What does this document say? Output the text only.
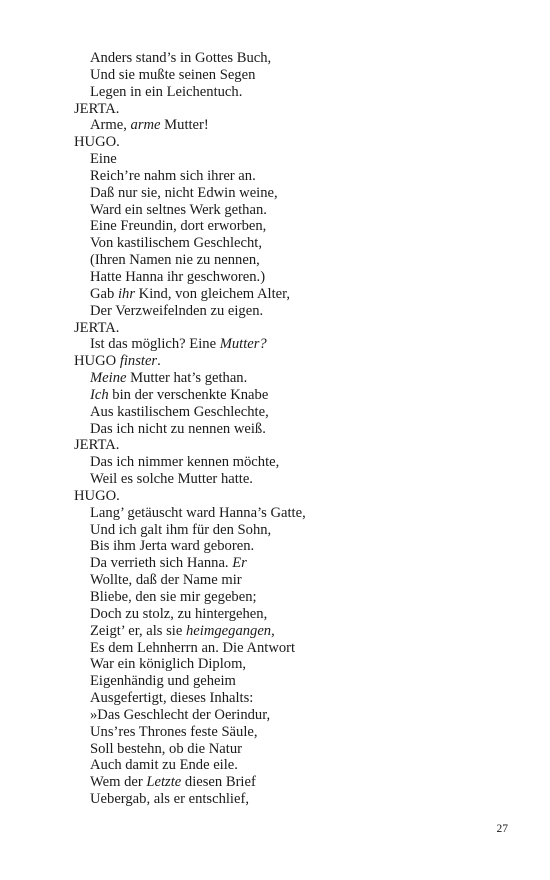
Anders stand’s in Gottes Buch,
Und sie mußte seinen Segen
Legen in ein Leichentuch.
JERTA.
Arme, arme Mutter!
HUGO.
Eine
Reich’re nahm sich ihrer an.
Daß nur sie, nicht Edwin weine,
Ward ein seltnes Werk gethan.
Eine Freundin, dort erworben,
Von kastilischem Geschlecht,
(Ihren Namen nie zu nennen,
Hatte Hanna ihr geschworen.)
Gab ihr Kind, von gleichem Alter,
Der Verzweifelnden zu eigen.
JERTA.
Ist das möglich? Eine Mutter?
HUGO finster.
Meine Mutter hat’s gethan.
Ich bin der verschenkte Knabe
Aus kastilischem Geschlechte,
Das ich nicht zu nennen weiß.
JERTA.
Das ich nimmer kennen möchte,
Weil es solche Mutter hatte.
HUGO.
Lang’ getäuscht ward Hanna’s Gatte,
Und ich galt ihm für den Sohn,
Bis ihm Jerta ward geboren.
Da verrieth sich Hanna. Er
Wollte, daß der Name mir
Bliebe, den sie mir gegeben;
Doch zu stolz, zu hintergehen,
Zeigt’ er, als sie heimgegangen,
Es dem Lehnherrn an. Die Antwort
War ein königlich Diplom,
Eigenhändig und geheim
Ausgefertigt, dieses Inhalts:
»Das Geschlecht der Oerindur,
Uns’res Thrones feste Säule,
Soll bestehn, ob die Natur
Auch damit zu Ende eile.
Wem der Letzte diesen Brief
Uebergab, als er entschlief,
27
